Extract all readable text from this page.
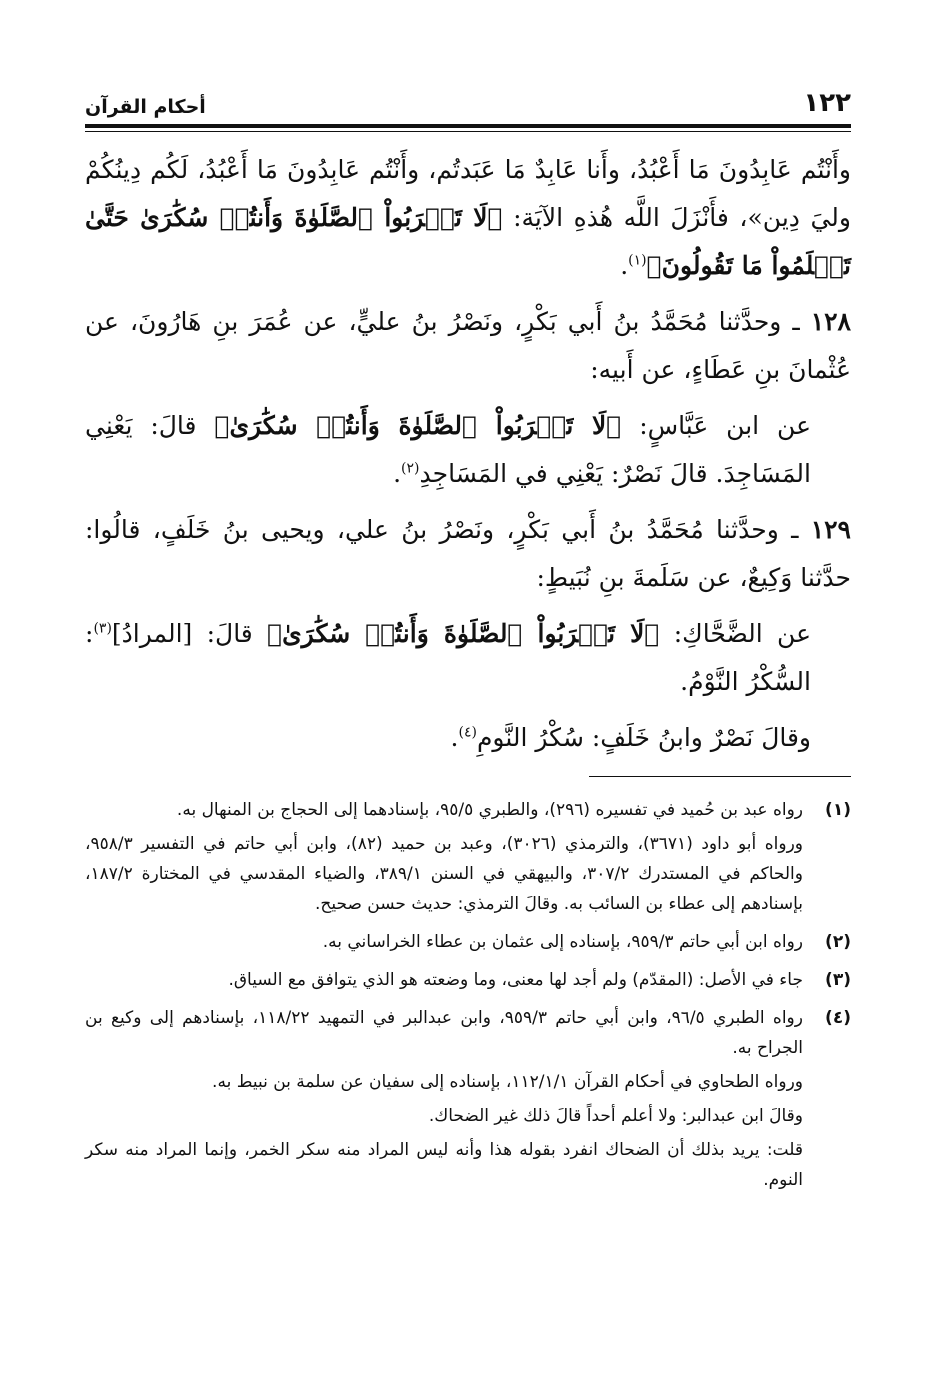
١٢٢
أحكام القرآن

وأَنْتُم عَابِدُونَ مَا أَعْبُدُ، وأَنا عَابِدٌ مَا عَبَدتُم، وأَنْتُم عَابِدُونَ مَا أَعْبُدُ، لَكُم دِينُكُمْ وليَ دِين»، فأَنْزَلَ اللَّه هُذهِ الآيَة: ﴿لَا تَقۡرَبُواْ ٱلصَّلَوٰةَ وَأَنتُمۡ سُكَٰرَىٰ حَتَّىٰ تَعۡلَمُواْ مَا تَقُولُونَ﴾$^{(١)}$.

١٢٨ ـ وحدَّثنا مُحَمَّدُ بنُ أَبي بَكْرٍ، ونَصْرُ بنُ عليٍّ، عن عُمَرَ بنِ هَارُونَ، عن عُثْمانَ بنِ عَطَاءٍ، عن أَبيه:

عن ابن عَبَّاسٍ: ﴿لَا تَقۡرَبُواْ ٱلصَّلَوٰةَ وَأَنتُمۡ سُكَٰرَىٰ﴾ قالَ: يَعْنِي المَسَاجِدَ. قالَ نَصْرٌ: يَعْنِي في المَسَاجِدِ$^{(٢)}$.

١٢٩ ـ وحدَّثنا مُحَمَّدُ بنُ أَبي بَكْرٍ، ونَصْرُ بنُ علي، ويحيى بنُ خَلَفٍ، قالُوا: حدَّثنا وَكِيعٌ، عن سَلَمةَ بنِ نُبَيطٍ:

عن الضَّحَّاكِ: ﴿لَا تَقۡرَبُواْ ٱلصَّلَوٰةَ وَأَنتُمۡ سُكَٰرَىٰ﴾ قالَ: [المرادُ]$^{(٣)}$: السُّكْرُ النَّوْمُ.

وقالَ نَصْرٌ وابنُ خَلَفٍ: سُكْرُ النَّومِ$^{(٤)}$.

(١)

رواه عبد بن حُميد في تفسيره (٢٩٦)، والطبري ٩٥/٥، بإسنادهما إلى الحجاج بن المنهال به.

ورواه أبو داود (٣٦٧١)، والترمذي (٣٠٢٦)، وعبد بن حميد (٨٢)، وابن أبي حاتم في التفسير ٩٥٨/٣، والحاكم في المستدرك ٣٠٧/٢، والبيهقي في السنن ٣٨٩/١، والضياء المقدسي في المختارة ١٨٧/٢، بإسنادهم إلى عطاء بن السائب به. وقالَ الترمذي: حديث حسن صحيح.

(٢)

رواه ابن أبي حاتم ٩٥٩/٣، بإسناده إلى عثمان بن عطاء الخراساني به.

(٣)

جاء في الأصل: (المقدّم) ولم أجد لها معنى، وما وضعته هو الذي يتوافق مع السياق.

(٤)

رواه الطبري ٩٦/٥، وابن أبي حاتم ٩٥٩/٣، وابن عبدالبر في التمهيد ١١٨/٢٢، بإسنادهم إلى وكيع بن الجراح به.

ورواه الطحاوي في أحكام القرآن ١١٢/١/١، بإسناده إلى سفيان عن سلمة بن نبيط به.

وقالَ ابن عبدالبر: ولا أعلم أحداً قالَ ذلك غير الضحاك.

قلت: يريد بذلك أن الضحاك انفرد بقوله هذا وأنه ليس المراد منه سكر الخمر، وإنما المراد منه سكر النوم.
